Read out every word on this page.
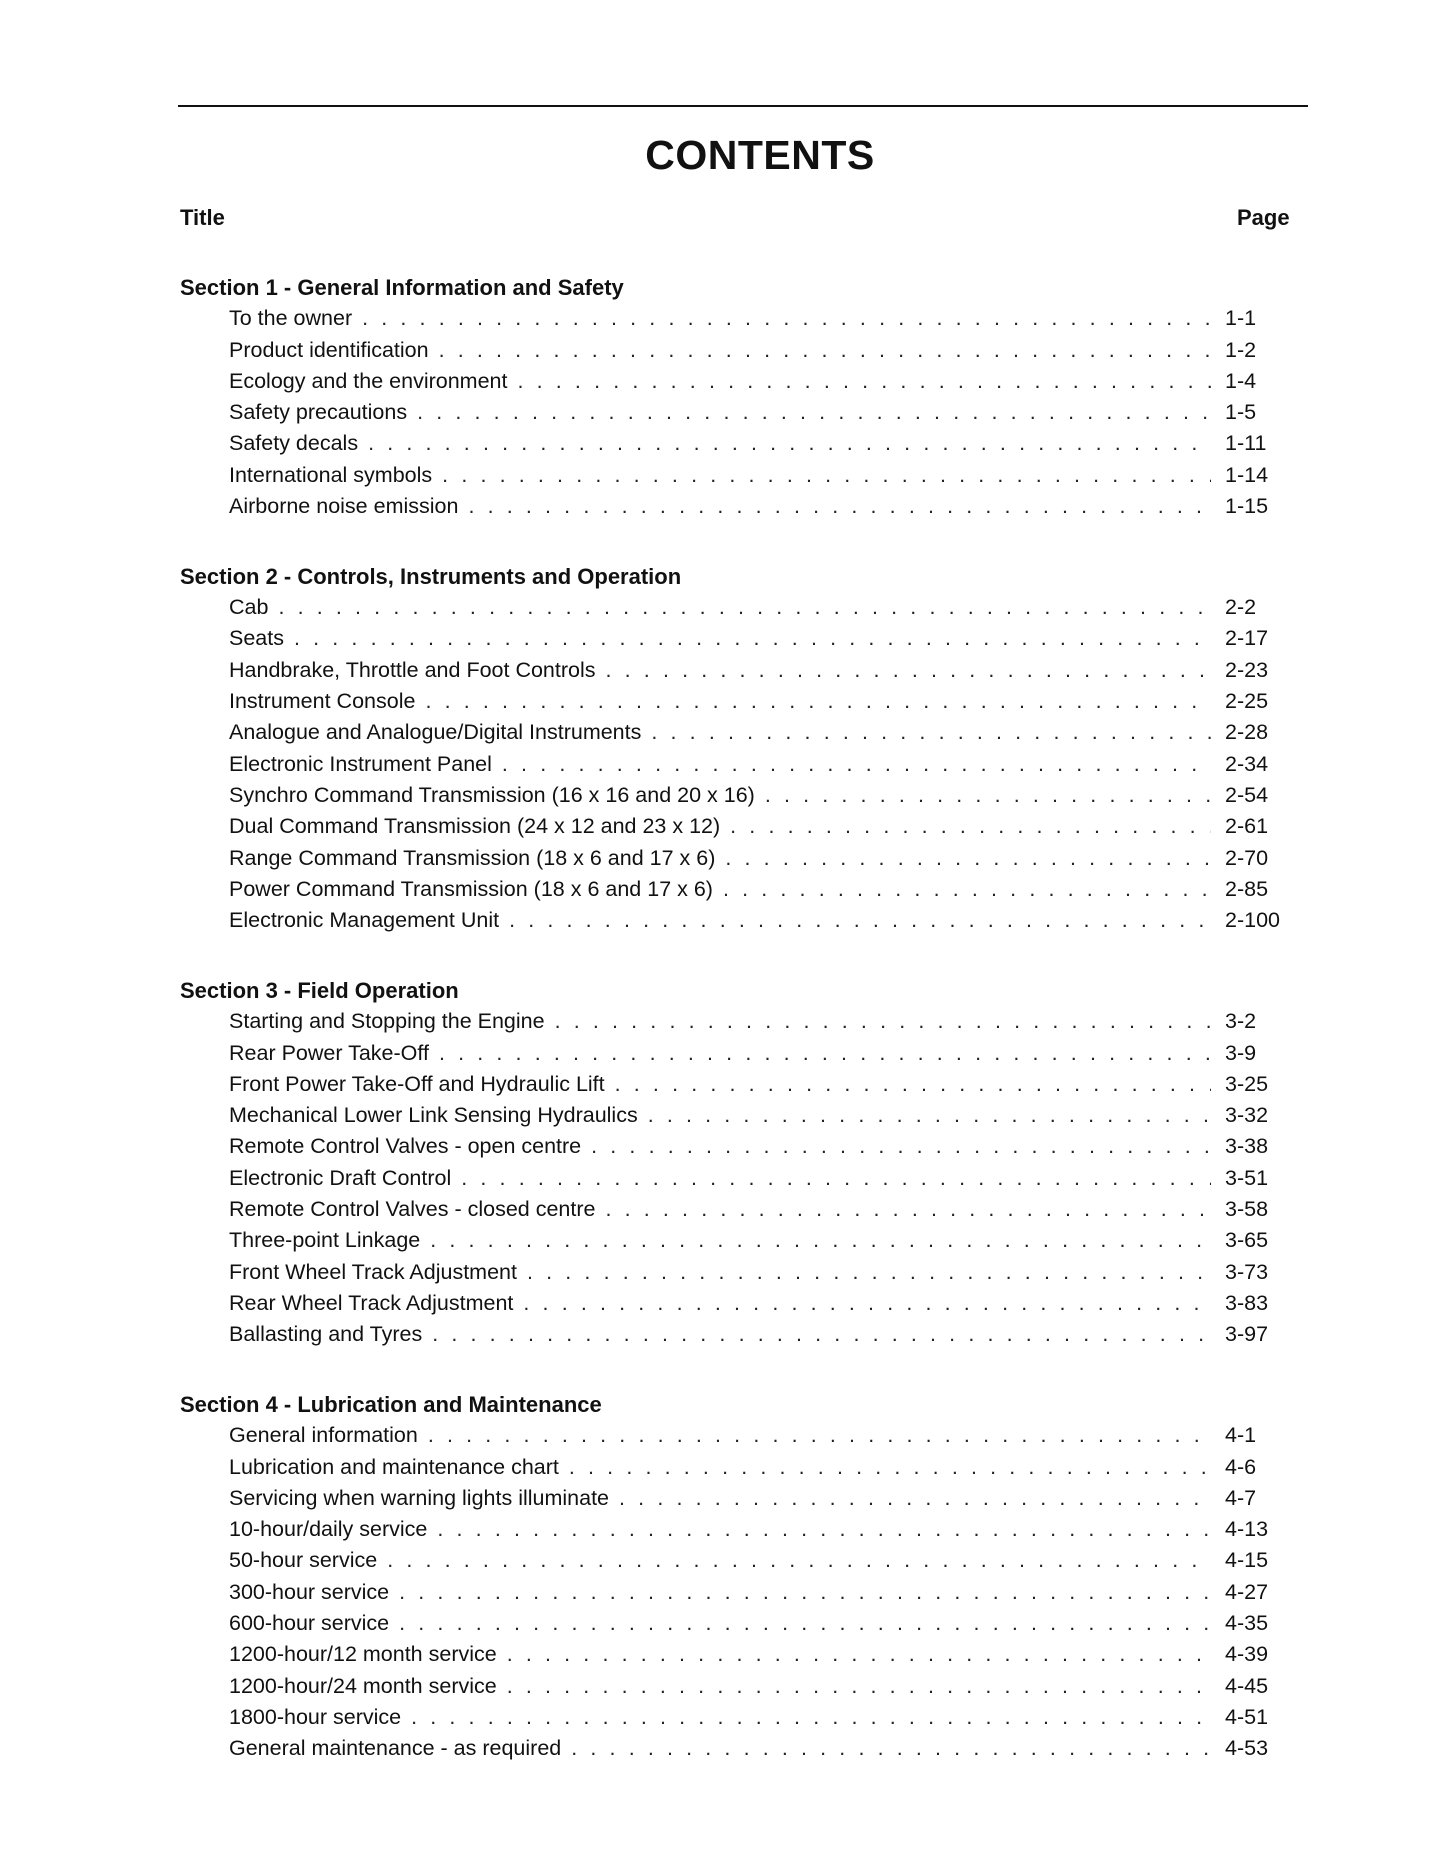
CONTENTS
Title	Page
Section 1 - General Information and Safety
To the owner . . .	1-1
Product identification . . .	1-2
Ecology and the environment . . .	1-4
Safety precautions . . .	1-5
Safety decals . . .	1-11
International symbols . . .	1-14
Airborne noise emission . . .	1-15
Section 2 - Controls, Instruments and Operation
Cab . . .	2-2
Seats . . .	2-17
Handbrake, Throttle and Foot Controls . . .	2-23
Instrument Console . . .	2-25
Analogue and Analogue/Digital Instruments . . .	2-28
Electronic Instrument Panel . . .	2-34
Synchro Command Transmission (16 x 16 and 20 x 16) . . .	2-54
Dual Command Transmission (24 x 12 and 23 x 12) . . .	2-61
Range Command Transmission (18 x 6 and 17 x 6) . . .	2-70
Power Command Transmission (18 x 6 and 17 x 6) . . .	2-85
Electronic Management Unit . . .	2-100
Section 3 - Field Operation
Starting and Stopping the Engine . . .	3-2
Rear Power Take-Off . . .	3-9
Front Power Take-Off and Hydraulic Lift . . .	3-25
Mechanical Lower Link Sensing Hydraulics . . .	3-32
Remote Control Valves - open centre . . .	3-38
Electronic Draft Control . . .	3-51
Remote Control Valves - closed centre . . .	3-58
Three-point Linkage . . .	3-65
Front Wheel Track Adjustment . . .	3-73
Rear Wheel Track Adjustment . . .	3-83
Ballasting and Tyres . . .	3-97
Section 4 - Lubrication and Maintenance
General information . . .	4-1
Lubrication and maintenance chart . . .	4-6
Servicing when warning lights illuminate . . .	4-7
10-hour/daily service . . .	4-13
50-hour service . . .	4-15
300-hour service . . .	4-27
600-hour service . . .	4-35
1200-hour/12 month service . . .	4-39
1200-hour/24 month service . . .	4-45
1800-hour service . . .	4-51
General maintenance - as required . . .	4-53
